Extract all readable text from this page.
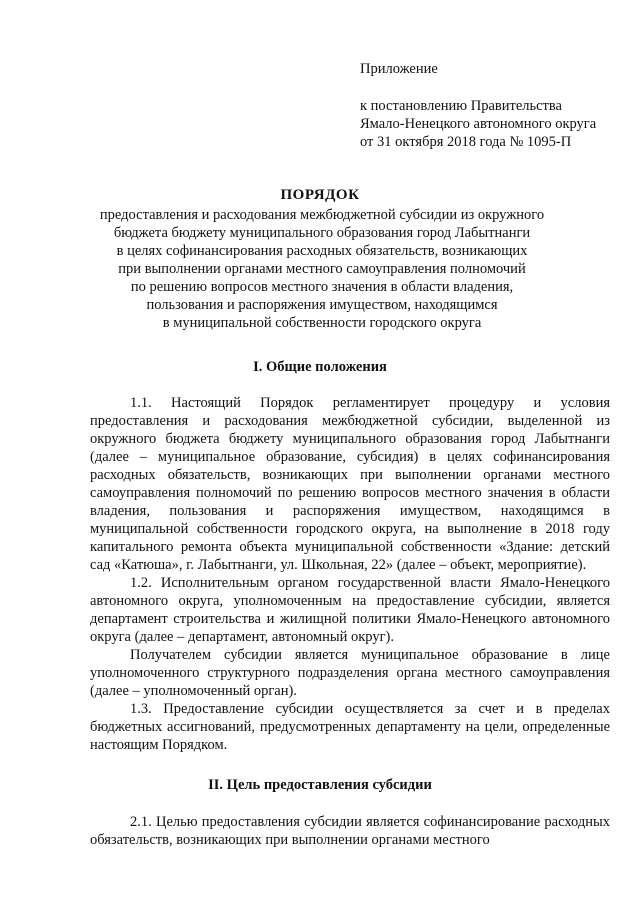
Приложение
к постановлению Правительства
Ямало-Ненецкого автономного округа
от 31 октября 2018 года № 1095-П
ПОРЯДОК
предоставления и расходования межбюджетной субсидии из окружного
бюджета бюджету муниципального образования город Лабытнанги
в целях софинансирования расходных обязательств, возникающих
при выполнении органами местного самоуправления полномочий
по решению вопросов местного значения в области владения,
пользования и распоряжения имуществом, находящимся
в муниципальной собственности городского округа
I. Общие положения

1.1. Настоящий Порядок регламентирует процедуру и условия предоставления и расходования межбюджетной субсидии, выделенной из окружного бюджета бюджету муниципального образования город Лабытнанги (далее – муниципальное образование, субсидия) в целях софинансирования расходных обязательств, возникающих при выполнении органами местного самоуправления полномочий по решению вопросов местного значения в области владения, пользования и распоряжения имуществом, находящимся в муниципальной собственности городского округа, на выполнение в 2018 году капитального ремонта объекта муниципальной собственности «Здание: детский сад «Катюша», г. Лабытнанги, ул. Школьная, 22» (далее – объект, мероприятие).

1.2. Исполнительным органом государственной власти Ямало-Ненецкого автономного округа, уполномоченным на предоставление субсидии, является департамент строительства и жилищной политики Ямало-Ненецкого автономного округа (далее – департамент, автономный округ).

Получателем субсидии является муниципальное образование в лице уполномоченного структурного подразделения органа местного самоуправления (далее – уполномоченный орган).

1.3. Предоставление субсидии осуществляется за счет и в пределах бюджетных ассигнований, предусмотренных департаменту на цели, определенные настоящим Порядком.

II. Цель предоставления субсидии

2.1. Целью предоставления субсидии является софинансирование расходных обязательств, возникающих при выполнении органами местного
